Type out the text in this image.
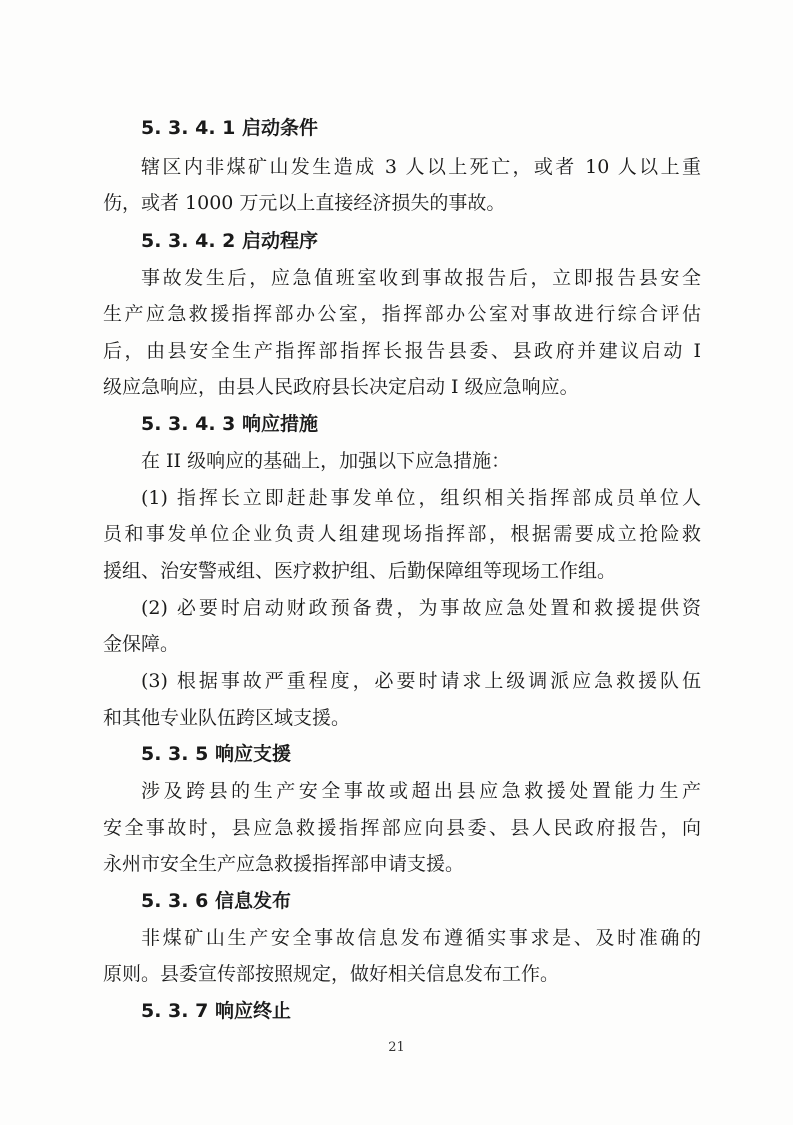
5. 3. 4. 1 启动条件
辖区内非煤矿山发生造成 3 人以上死亡，或者 10 人以上重
伤，或者 1000 万元以上直接经济损失的事故。
5. 3. 4. 2 启动程序
事故发生后，应急值班室收到事故报告后，立即报告县安全
生产应急救援指挥部办公室，指挥部办公室对事故进行综合评估
后，由县安全生产指挥部指挥长报告县委、县政府并建议启动 I
级应急响应，由县人民政府县长决定启动 I 级应急响应。
5. 3. 4. 3 响应措施
在 II 级响应的基础上，加强以下应急措施：
(1) 指挥长立即赶赴事发单位，组织相关指挥部成员单位人
员和事发单位企业负责人组建现场指挥部，根据需要成立抢险救
援组、治安警戒组、医疗救护组、后勤保障组等现场工作组。
(2) 必要时启动财政预备费，为事故应急处置和救援提供资
金保障。
(3) 根据事故严重程度，必要时请求上级调派应急救援队伍
和其他专业队伍跨区域支援。
5. 3. 5 响应支援
涉及跨县的生产安全事故或超出县应急救援处置能力生产
安全事故时，县应急救援指挥部应向县委、县人民政府报告，向
永州市安全生产应急救援指挥部申请支援。
5. 3. 6 信息发布
非煤矿山生产安全事故信息发布遵循实事求是、及时准确的
原则。县委宣传部按照规定，做好相关信息发布工作。
5. 3. 7 响应终止
21
